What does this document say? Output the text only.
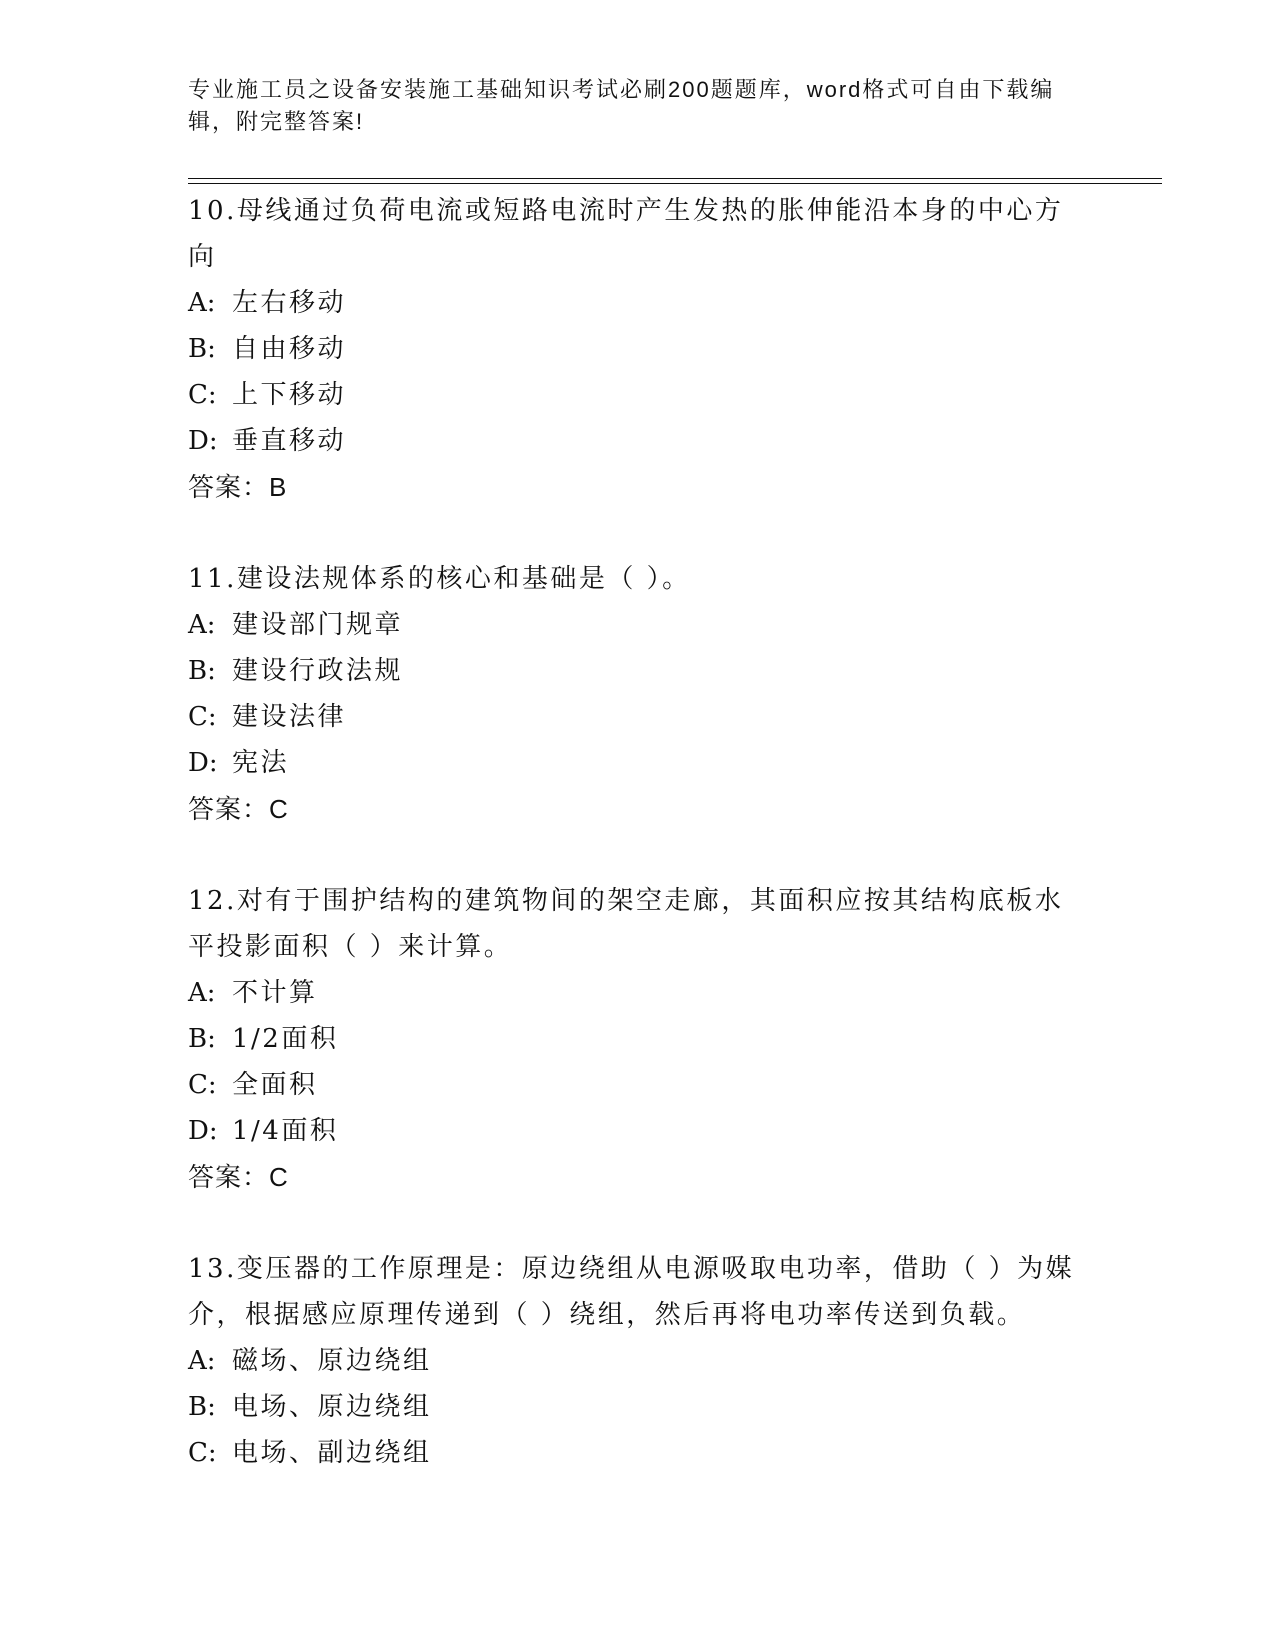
专业施工员之设备安装施工基础知识考试必刷200题题库，word格式可自由下载编辑，附完整答案!
10.母线通过负荷电流或短路电流时产生发热的胀伸能沿本身的中心方向
A: 左右移动
B: 自由移动
C: 上下移动
D: 垂直移动
答案：B
11.建设法规体系的核心和基础是（ ）。
A: 建设部门规章
B: 建设行政法规
C: 建设法律
D: 宪法
答案：C
12.对有于围护结构的建筑物间的架空走廊，其面积应按其结构底板水平投影面积（ ）来计算。
A: 不计算
B: 1/2面积
C: 全面积
D: 1/4面积
答案：C
13.变压器的工作原理是：原边绕组从电源吸取电功率，借助（ ）为媒介，根据感应原理传递到（ ）绕组，然后再将电功率传送到负载。
A: 磁场、原边绕组
B: 电场、原边绕组
C: 电场、副边绕组
